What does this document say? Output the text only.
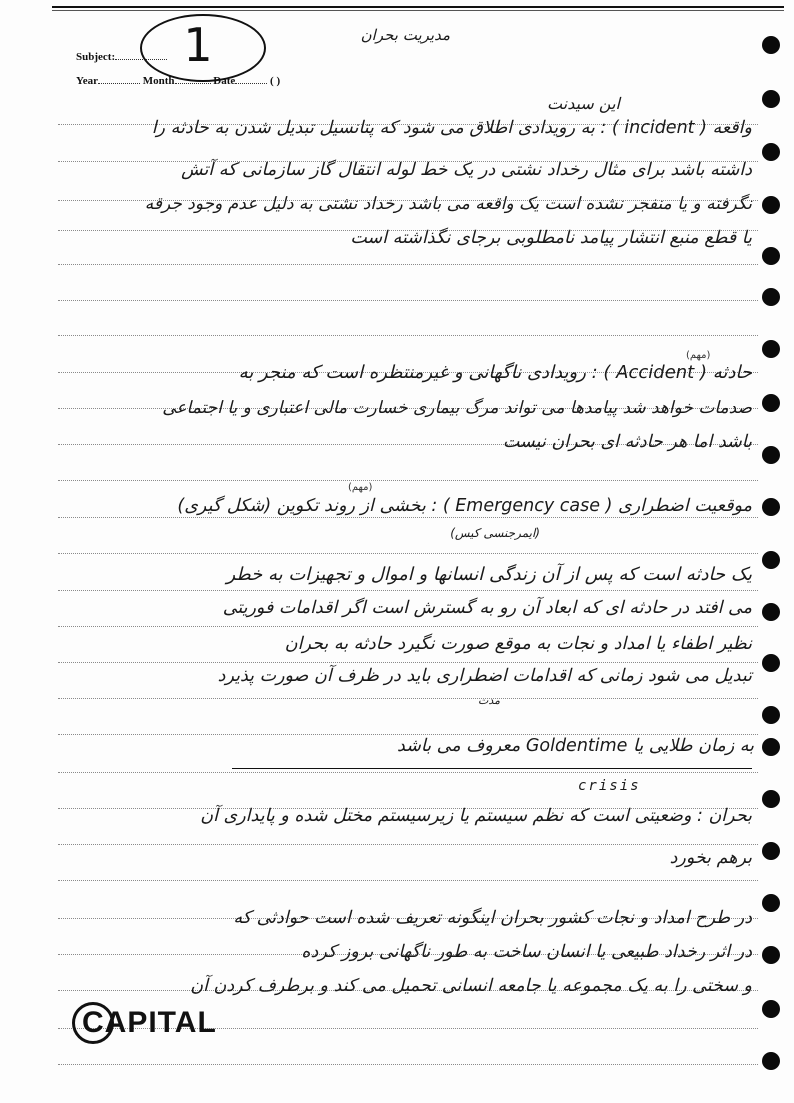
Subject:
Year	Month	Date	( )
1	مدیریت بحران
این سیدنت
واقعه ( incident ) : به رویدادی اطلاق می شود که پتانسیل تبدیل شدن به حادثه را
داشته باشد برای مثال رخداد نشتی در یک خط لوله انتقال گاز سازمانی که آتش
نگرفته و یا منفجر نشده است یک واقعه می باشد رخداد نشتی به دلیل عدم وجود جرقه
یا قطع منبع انتشار پیامد نامطلوبی برجای نگذاشته است
(مهم)
حادثه ( Accident ) : رویدادی ناگهانی و غیرمنتظره است که منجر به
صدمات خواهد شد پیامدها می تواند مرگ بیماری خسارت مالی اعتباری و یا اجتماعی
باشد اما هر حادثه ای بحران نیست
(مهم)
موقعیت اضطراری ( Emergency case ) : بخشی از روند تکوین (شکل گیری)
(ایمرجنسی کیس)
یک حادثه است که پس از آن زندگی انسانها و اموال و تجهیزات به خطر
می افتد در حادثه ای که ابعاد آن رو به گسترش است اگر اقدامات فوریتی
نظیر اطفاء یا امداد و نجات به موقع صورت نگیرد حادثه به بحران
تبدیل می شود زمانی که اقدامات اضطراری باید در ظرف آن صورت پذیرد
مدت
به زمان طلایی یا Goldentime معروف می باشد
crisis
بحران : وضعیتی است که نظم سیستم یا زیرسیستم مختل شده و پایداری آن
برهم بخورد
در طرح امداد و نجات کشور بحران اینگونه تعریف شده است حوادثی که
در اثر رخداد طبیعی یا انسان ساخت به طور ناگهانی بروز کرده
و سختی را به یک مجموعه یا جامعه انسانی تحمیل می کند و برطرف کردن آن
CAPITAL
